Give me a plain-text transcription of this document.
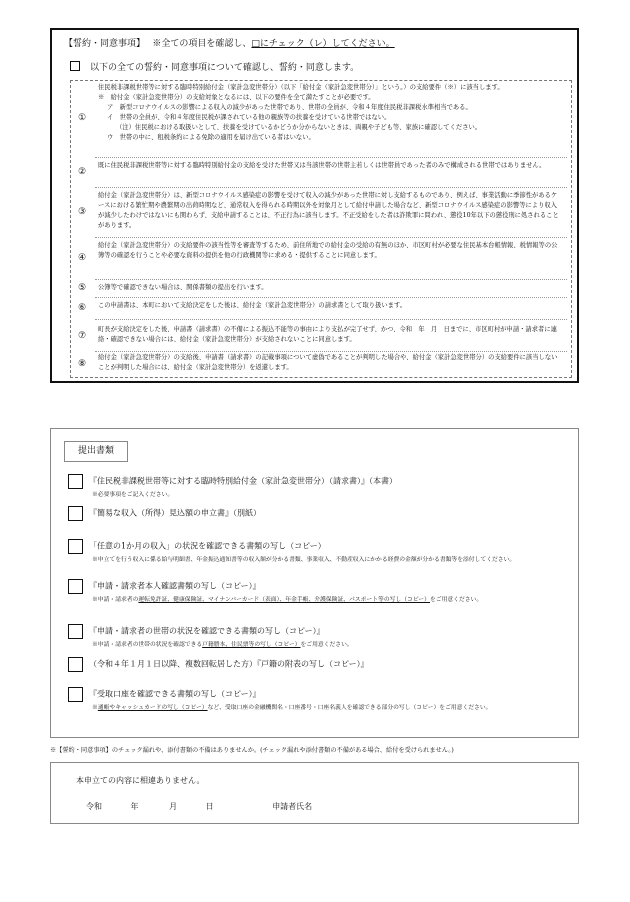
【誓約・同意事項】　 ※全ての項目を確認し、□にチェック（レ）してください。
以下の全ての誓約・同意事項について確認し、誓約・同意します。
①
住民税非課税世帯等に対する臨時特別給付金（家計急変世帯分）（以下「給付金（家計急変世帯分）」という。）の支給要件（※）に該当します。
※　給付金（家計急変世帯分）の支給対象となるには、以下の要件を全て満たすことが必要です。
ア　新型コロナウイルスの影響による収入の減少があった世帯であり、世帯の全員が、令和４年度住民税非課税水準相当である。
イ　世帯の全員が、令和４年度住民税が課されている他の親族等の扶養を受けている世帯ではない。
（注）住民税における取扱いとして、扶養を受けているかどうか分からないときは、両親や子ども等、家族に確認してください。
ウ　世帯の中に、租税条約による免除の適用を届け出ている者はいない。
②
既に住民税非課税世帯等に対する臨時特別給付金の支給を受けた世帯又は当該世帯の世帯主若しくは世帯員であった者のみで構成される世帯ではありません。
③
給付金（家計急変世帯分）は、新型コロナウイルス感染症の影響を受けて収入の減少があった世帯に対し支給するものであり、例えば、事業活動に季節性があるケースにおける繁忙期や農繁期の出荷時期など、通常収入を得られる時期以外を対象月として給付申請した場合など、新型コロナウイルス感染症の影響等により収入が減少したわけではないにも関わらず、支給申請することは、不正行為に該当します。不正受給をした者は詐欺罪に問われ、懲役10年以下の懲役刑に処されることがあります。
④
給付金（家計急変世帯分）の支給要件の該当性等を審査等するため、前住所地での給付金の受給の有無のほか、市区町村が必要な住民基本台帳情報、税情報等の公簿等の確認を行うことや必要な資料の提供を他の行政機関等に求める・提供することに同意します。
⑤	公簿等で確認できない場合は、関係書類の提出を行います。
⑥	この申請書は、本町において支給決定をした後は、給付金（家計急変世帯分）の請求書として取り扱います。
⑦
町長が支給決定をした後、申請書（請求書）の不備による振込不能等の事由により支払が完了せず、かつ、令和　年　月　日までに、市区町村が申請・請求者に連絡・確認できない場合には、給付金（家計急変世帯分）が支給されないことに同意します。
⑧
給付金（家計急変世帯分）の支給後、申請書（請求書）の記載事項について虚偽であることが判明した場合や、給付金（家計急変世帯分）の支給要件に該当しないことが判明した場合には、給付金（家計急変世帯分）を返還します。
提出書類
『住民税非課税世帯等に対する臨時特別給付金（家計急変世帯分）（請求書）』（本書）
※必要事項をご記入ください。
『簡易な収入（所得）見込額の申立書』（別紙）
「任意の1か月の収入」の状況を確認できる書類の写し（コピー）
※申立てを行う収入に係る給与明細書、年金振込通知書等の収入額が分かる書類、事業収入、不動産収入にかかる経費の金額が分かる書類等を添付してください。
『申請・請求者本人確認書類の写し（コピー）』
※申請・請求者の運転免許証、健康保険証、マイナンバーカード（表面）、年金手帳、介護保険証、パスポート等の写し（コピー）をご用意ください。
『申請・請求者の世帯の状況を確認できる書類の写し（コピー）』
※申請・請求者の世帯の状況を確認できる戸籍謄本、住民票等の写し（コピー）をご用意ください。
（令和４年１月１日以降、複数回転居した方）『戸籍の附表の写し（コピー）』
『受取口座を確認できる書類の写し（コピー）』
※通帳やキャッシュカードの写し（コピー）など、受取口座の金融機関名・口座番号・口座名義人を確認できる部分の写し（コピー）をご用意ください。
※【誓約・同意事項】のチェック漏れや、添付書類の不備はありませんか。(チェック漏れや添付書類の不備がある場合、給付を受けられません。)
本申立ての内容に相違ありません。
令和	年	月	日	申請者氏名
